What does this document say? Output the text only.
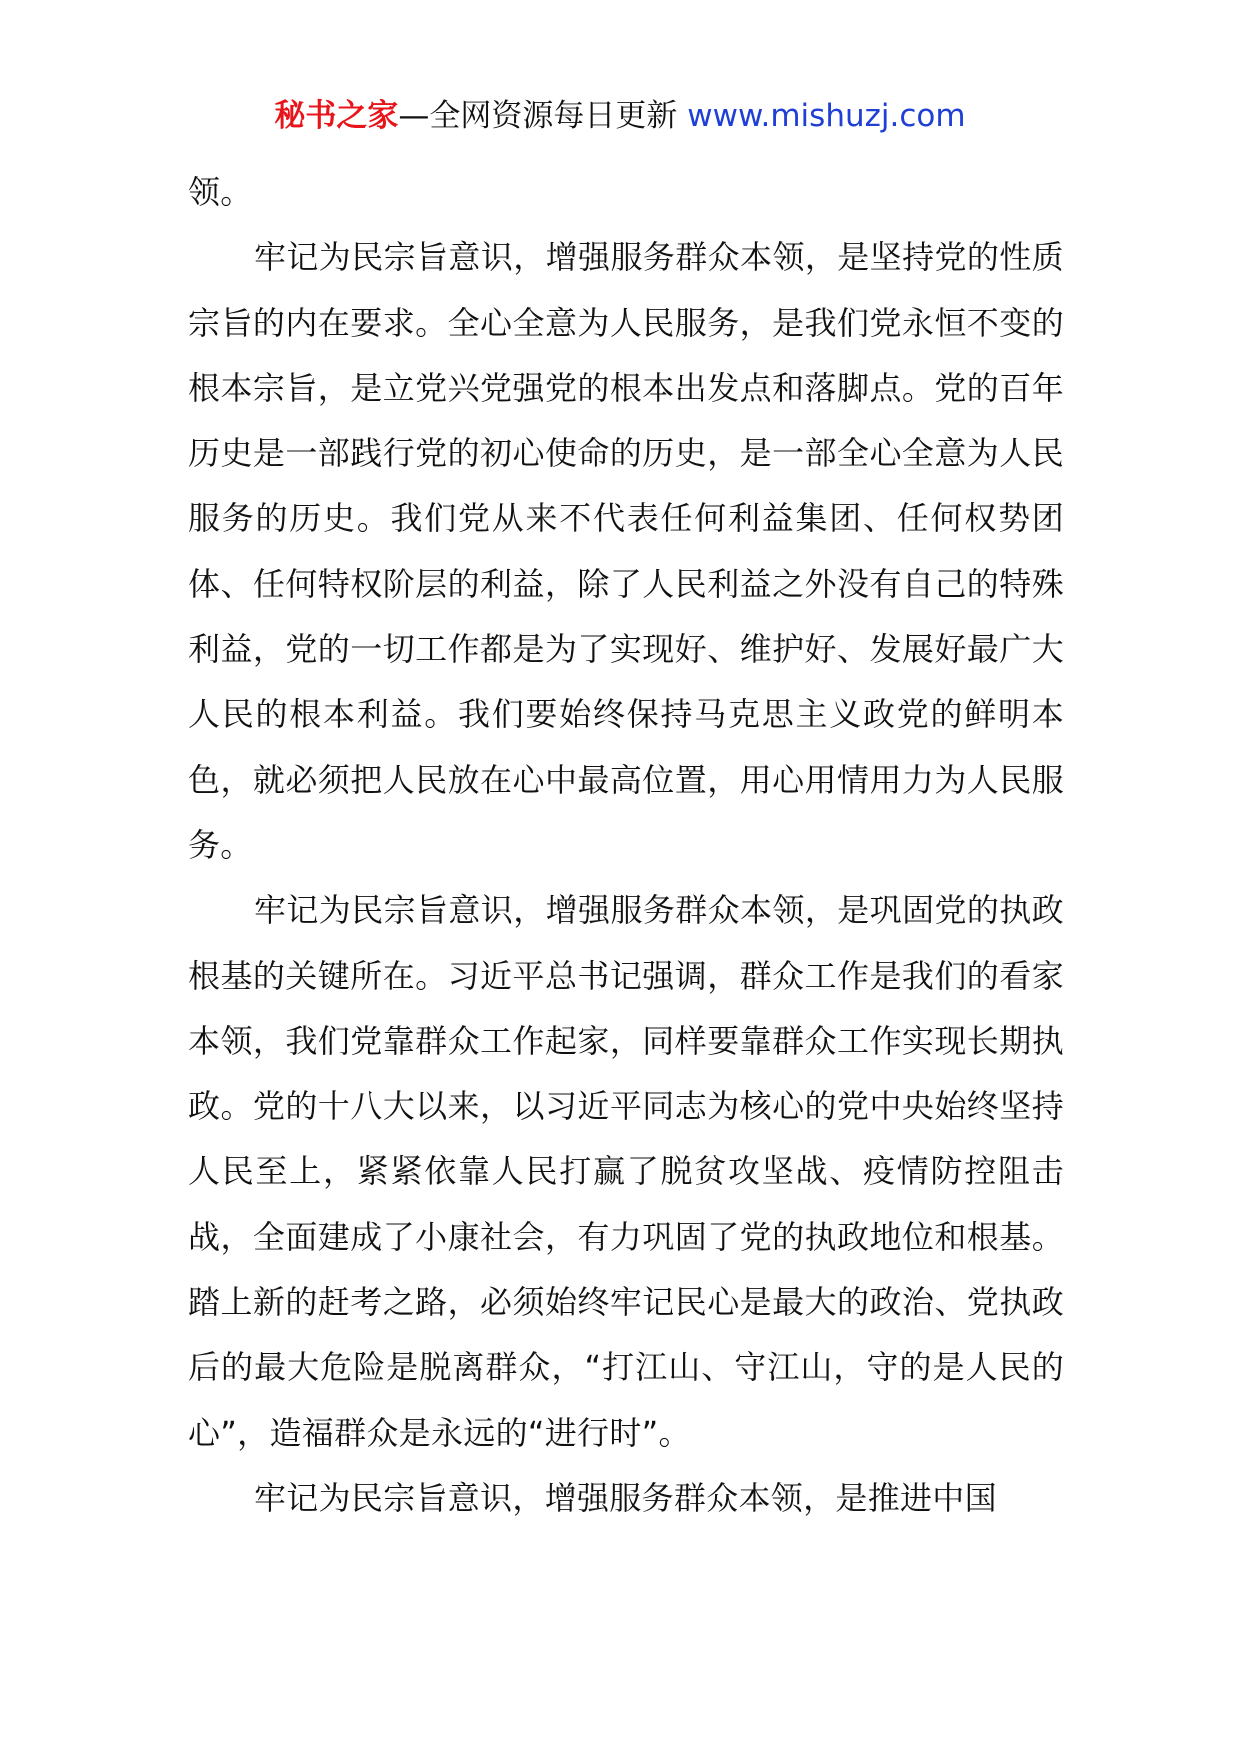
秘书之家—全网资源每日更新 www.mishuzj.com

领。

牢记为民宗旨意识，增强服务群众本领，是坚持党的性质宗旨的内在要求。全心全意为人民服务，是我们党永恒不变的根本宗旨，是立党兴党强党的根本出发点和落脚点。党的百年历史是一部践行党的初心使命的历史，是一部全心全意为人民服务的历史。我们党从来不代表任何利益集团、任何权势团体、任何特权阶层的利益，除了人民利益之外没有自己的特殊利益，党的一切工作都是为了实现好、维护好、发展好最广大人民的根本利益。我们要始终保持马克思主义政党的鲜明本色，就必须把人民放在心中最高位置，用心用情用力为人民服务。

牢记为民宗旨意识，增强服务群众本领，是巩固党的执政根基的关键所在。习近平总书记强调，群众工作是我们的看家本领，我们党靠群众工作起家，同样要靠群众工作实现长期执政。党的十八大以来，以习近平同志为核心的党中央始终坚持人民至上，紧紧依靠人民打赢了脱贫攻坚战、疫情防控阻击战，全面建成了小康社会，有力巩固了党的执政地位和根基。踏上新的赶考之路，必须始终牢记民心是最大的政治、党执政后的最大危险是脱离群众，“打江山、守江山，守的是人民的心”，造福群众是永远的“进行时”。

牢记为民宗旨意识，增强服务群众本领，是推进中国
